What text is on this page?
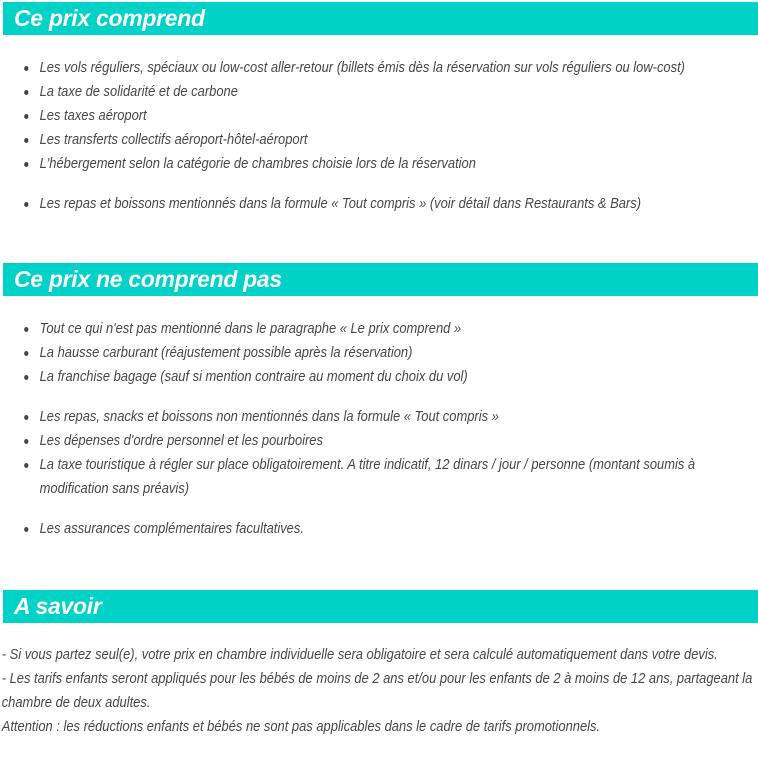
Ce prix comprend
Les vols réguliers, spéciaux ou low-cost aller-retour (billets émis dès la réservation sur vols réguliers ou low-cost)
La taxe de solidarité et de carbone
Les taxes aéroport
Les transferts collectifs aéroport-hôtel-aéroport
L'hébergement selon la catégorie de chambres choisie lors de la réservation
Les repas et boissons mentionnés dans la formule « Tout compris » (voir détail dans Restaurants & Bars)
Ce prix ne comprend pas
Tout ce qui n'est pas mentionné dans le paragraphe « Le prix comprend »
La hausse carburant (réajustement possible après la réservation)
La franchise bagage (sauf si mention contraire au moment du choix du vol)
Les repas, snacks et boissons non mentionnés dans la formule « Tout compris »
Les dépenses d'ordre personnel et les pourboires
La taxe touristique à régler sur place obligatoirement. A titre indicatif, 12 dinars / jour / personne (montant soumis à modification sans préavis)
Les assurances complémentaires facultatives.
A savoir

- Si vous partez seul(e), votre prix en chambre individuelle sera obligatoire et sera calculé automatiquement dans votre devis.

- Les tarifs enfants seront appliqués pour les bébés de moins de 2 ans et/ou pour les enfants de 2 à moins de 12 ans, partageant la chambre de deux adultes.

Attention : les réductions enfants et bébés ne sont pas applicables dans le cadre de tarifs promotionnels.
